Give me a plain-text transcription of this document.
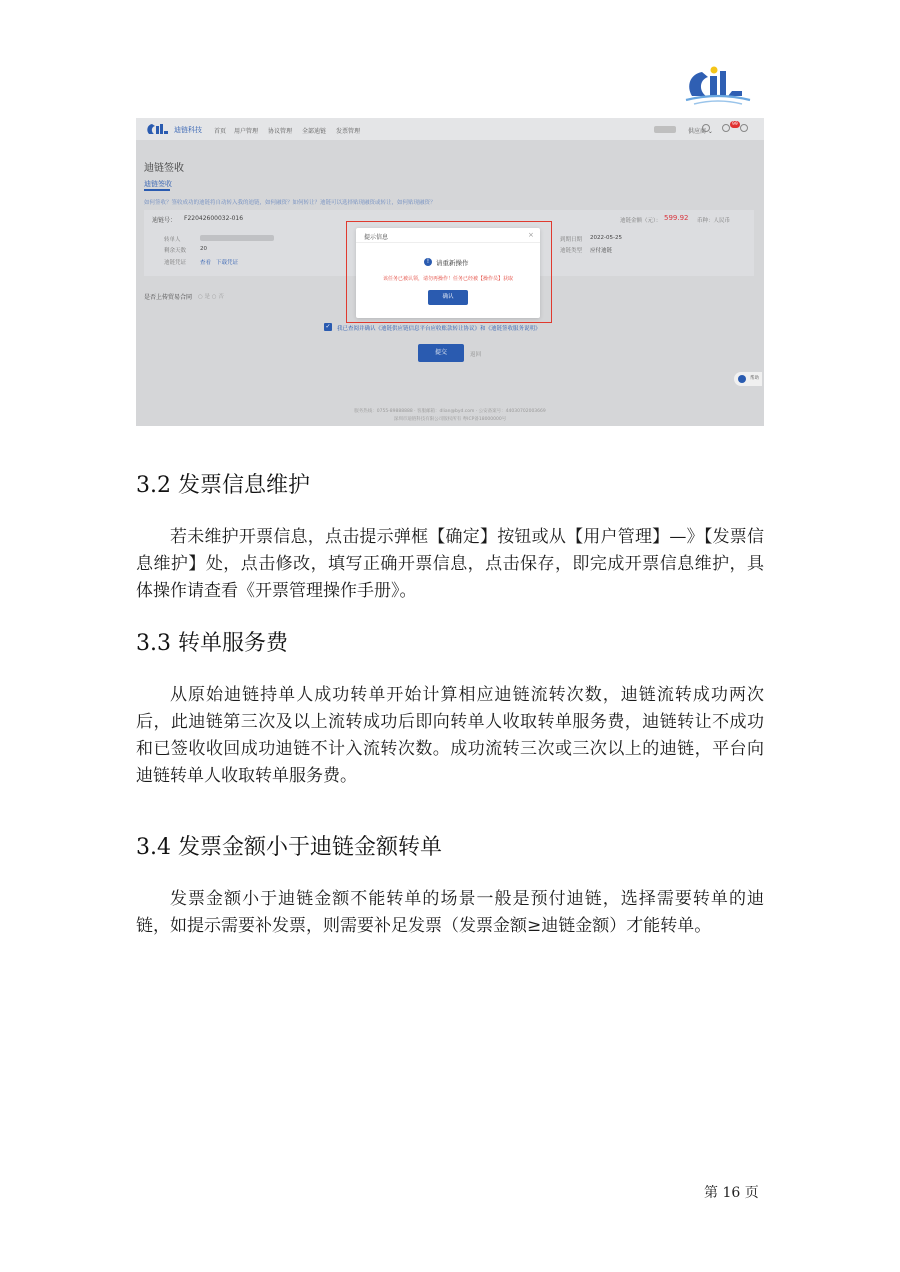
迪链科技 首页 用户管理 协议管理 全部迪链 发票管理	供应商 ⌄
99
迪链签收
迪链签收
如何签收？签收成功的迪链将自动转入我的迪链，如何融资？如何转让？迪链可以选择贴现融资或转让，如何贴现融资？
迪链号： F22042600032-016	迪链金额（元）： 599.92 币种：人民币
转单人
剩余天数	20
迪链凭证	查看 下载凭证
到期日期 2022-05-25
迪链类型 应付迪链
是否上传贸易合同 ○ 是 ○ 否
✓ 我已查阅并确认《迪链供应链信息平台应收账款转让协议》和《迪链签收服务说明》
提交	返回
帮助
服务热线：0755-89888888 · 客服邮箱：dlian@byd.com · 公安备案号：44030702003669
深圳市迪链科技有限公司版权所有 粤ICP备18000000号
提示信息	×
!	请重新操作
该任务已被认领，请勿再操作！任务已经被【操作员】获取
确认
3.2 发票信息维护

若未维护开票信息，点击提示弹框【确定】按钮或从【用户管理】—》【发票信息维护】处，点击修改，填写正确开票信息，点击保存，即完成开票信息维护，具体操作请查看《开票管理操作手册》。

3.3 转单服务费

从原始迪链持单人成功转单开始计算相应迪链流转次数，迪链流转成功两次后，此迪链第三次及以上流转成功后即向转单人收取转单服务费，迪链转让不成功和已签收收回成功迪链不计入流转次数。成功流转三次或三次以上的迪链，平台向迪链转单人收取转单服务费。

3.4 发票金额小于迪链金额转单

发票金额小于迪链金额不能转单的场景一般是预付迪链，选择需要转单的迪链，如提示需要补发票，则需要补足发票（发票金额≥迪链金额）才能转单。

第 16 页
